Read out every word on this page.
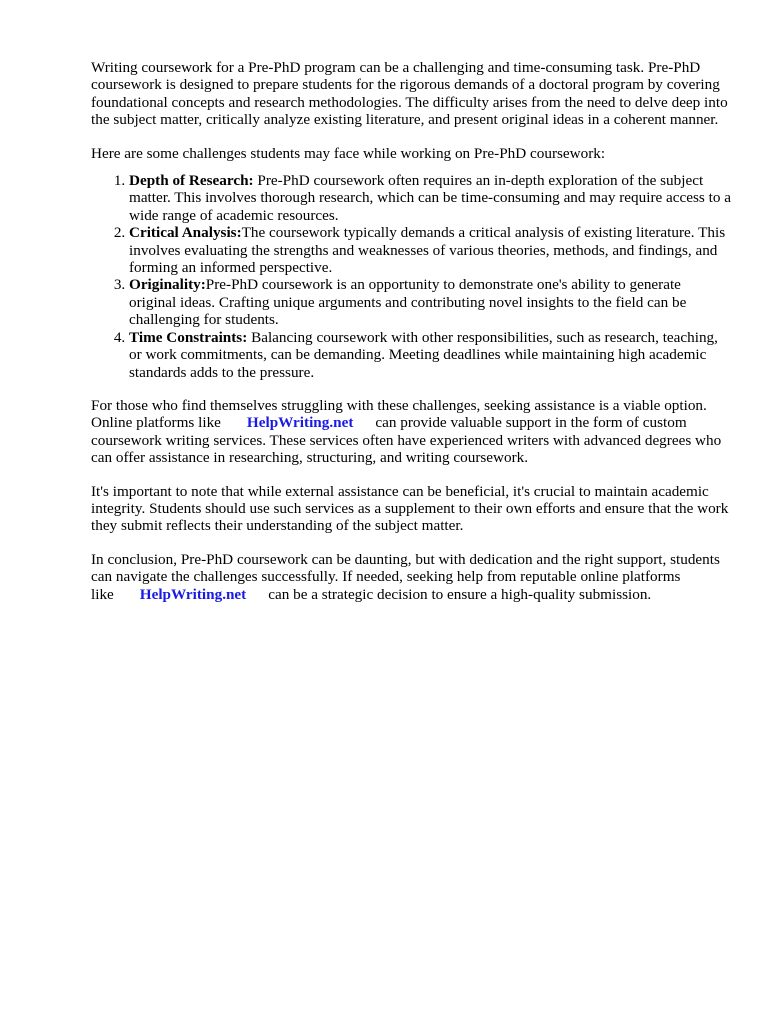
Writing coursework for a Pre-PhD program can be a challenging and time-consuming task. Pre-PhD coursework is designed to prepare students for the rigorous demands of a doctoral program by covering foundational concepts and research methodologies. The difficulty arises from the need to delve deep into the subject matter, critically analyze existing literature, and present original ideas in a coherent manner.

Here are some challenges students may face while working on Pre-PhD coursework:

1. Depth of Research: Pre-PhD coursework often requires an in-depth exploration of the subject matter. This involves thorough research, which can be time-consuming and may require access to a wide range of academic resources.
2. Critical Analysis:The coursework typically demands a critical analysis of existing literature. This involves evaluating the strengths and weaknesses of various theories, methods, and findings, and forming an informed perspective.
3. Originality:Pre-PhD coursework is an opportunity to demonstrate one's ability to generate original ideas. Crafting unique arguments and contributing novel insights to the field can be challenging for students.
4. Time Constraints: Balancing coursework with other responsibilities, such as research, teaching, or work commitments, can be demanding. Meeting deadlines while maintaining high academic standards adds to the pressure.

For those who find themselves struggling with these challenges, seeking assistance is a viable option. Online platforms like HelpWriting.net can provide valuable support in the form of custom coursework writing services. These services often have experienced writers with advanced degrees who can offer assistance in researching, structuring, and writing coursework.

It's important to note that while external assistance can be beneficial, it's crucial to maintain academic integrity. Students should use such services as a supplement to their own efforts and ensure that the work they submit reflects their understanding of the subject matter.

In conclusion, Pre-PhD coursework can be daunting, but with dedication and the right support, students can navigate the challenges successfully. If needed, seeking help from reputable online platforms like HelpWriting.net can be a strategic decision to ensure a high-quality submission.
